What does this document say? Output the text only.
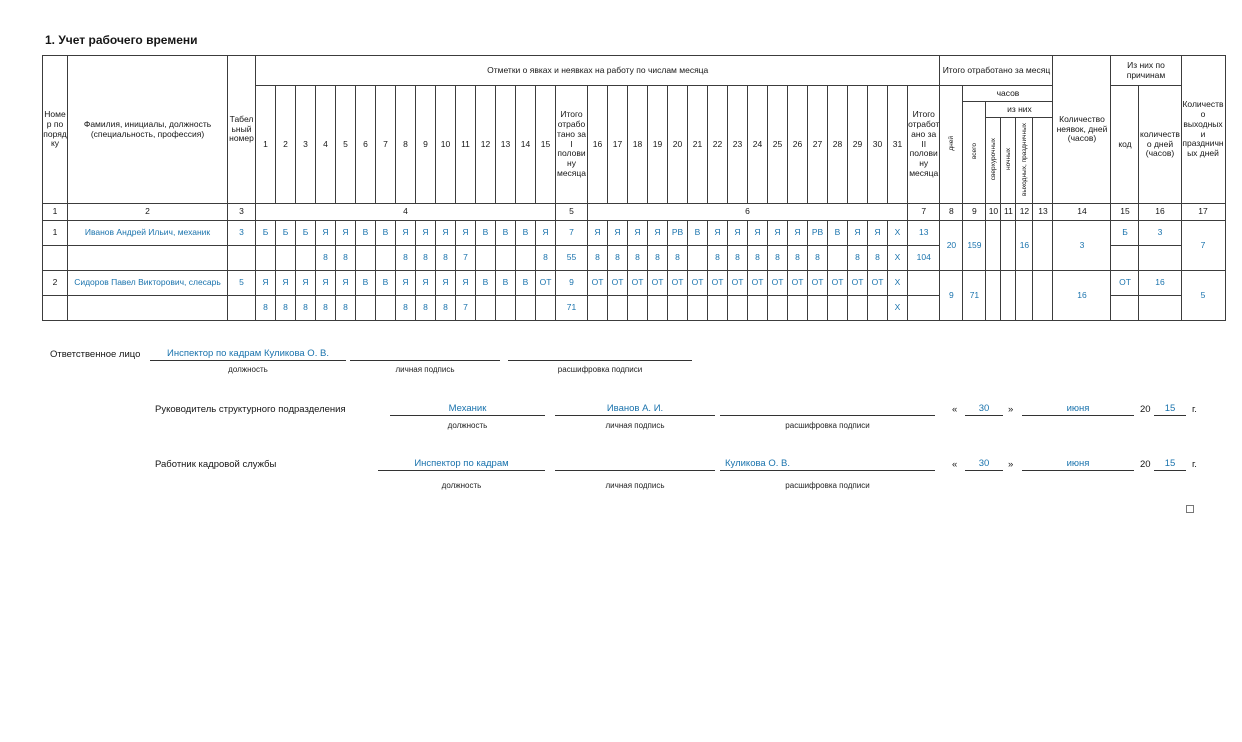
1. Учет рабочего времени
Номер по порядку	Фамилия, инициалы, должность (специальность, профессия)	Табельный номер	Отметки о явках и неявках на работу по числам месяца																																	Итого отработано за месяц						Количество неявок, дней (часов)	Из них по причинам		Количество выходных и праздничных дней
			1	2	3	4	5	6	7	8	9	10	11	12	13	14	15	Итого отработано за I половину месяца	16	17	18	19	20	21	22	23	24	25	26	27	28	29	30	31	Итого отработано за II половину месяца	дней	часов						код	количество дней (часов)	
																																					всего	из них							
																																						сверхурочных	ночных	выходных, праздничных					
1	2	3	4															5	6																7	8	9	10	11	12	13	14	15	16	17
1	Иванов Андрей Ильич, механик	3	Б	Б	Б	Я	Я	В	В	Я	Я	Я	Я	В	В	В	Я	7	Я	Я	Я	Я	РВ	В	Я	Я	Я	Я	Я	РВ	В	Я	Я	Х	13	20	159			16		3	Б	3	7
						8	8			8	8	8	7				8	55	8	8	8	8	8		8	8	8	8	8	8		8	8	Х	104										
2	Сидоров Павел Викторович, слесарь	5	Я	Я	Я	Я	Я	В	В	Я	Я	Я	Я	В	В	В	ОТ	9	ОТ	ОТ	ОТ	ОТ	ОТ	ОТ	ОТ	ОТ	ОТ	ОТ	ОТ	ОТ	ОТ	ОТ	ОТ	Х		9	71					16	ОТ	16	5
			8	8	8	8	8			8	8	8	7					71																Х											
Ответственное лицо	Инспектор по кадрам Куликова О. В.
должность	личная подпись	расшифровка подписи
Руководитель структурного подразделения	Механик	Иванов А. И.
должность	личная подпись	расшифровка подписи
«	30	»	июня	20	15	г.
Работник кадровой службы	Инспектор по кадрам	Куликова О. В.
должность	личная подпись	расшифровка подписи
«	30	»	июня	20	15	г.
